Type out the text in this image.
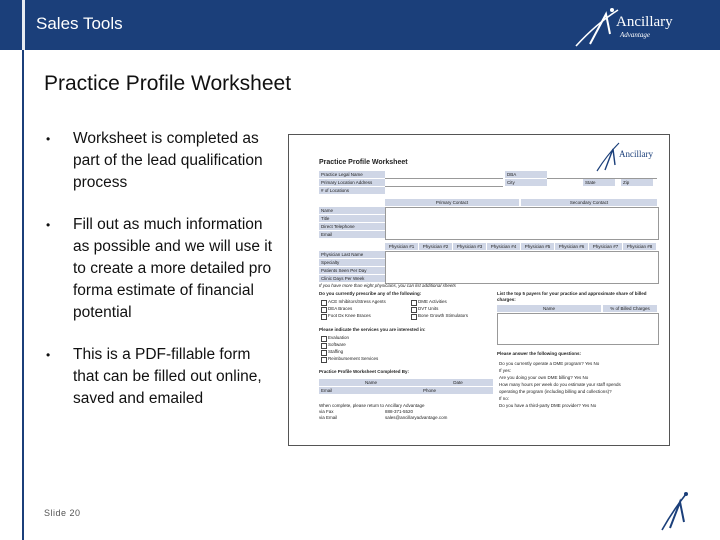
Sales Tools	Ancillary
Advantage
Practice Profile Worksheet
•	Worksheet is completed as part of the lead qualification process
•	Fill out as much information as possible and we will use it to create a more detailed pro forma estimate of financial potential
•	This is a PDF-fillable form that can be filled out online, saved and emailed
Practice Profile Worksheet
Ancillary
Practice Legal Name
Primary Location Address
# of Locations
DBA
City	State	Zip
Primary Contact	Secondary Contact
Name
Title
Direct Telephone
Email
Physician #1	Physician #2	Physician #3	Physician #4	Physician #5	Physician #6	Physician #7	Physician #8
Physician Last Name
Specialty
Patients Seen Per Day
Clinic Days Per Week
If you have more than eight physicians, you can list additional sheets
Do you currently prescribe any of the following:
ACE Inhibitors/Stress Agents
DEA Braces
Foot Dx Knee Braces
DME Activities
DVT Units
Bone Growth Stimulators
Please indicate the services you are interested in:
Evaluation
Software
Staffing
Reimbursement Services
Practice Profile Worksheet Completed By:
Name	Date
Email	Phone
When complete, please return to Ancillary Advantage
via Fax	888-371-5520
via Email	sales@ancillaryadvantage.com
List the top 5 payers for your practice and approximate share of billed charges:
Name	% of Billed Charges
Please answer the following questions:
Do you currently operate a DME program? Yes No
If yes:
Are you doing your own DME billing? Yes No
How many hours per week do you estimate your staff spends
operating the program (including billing and collections)?
If no:
Do you have a third-party DME provider? Yes No
Slide 20
